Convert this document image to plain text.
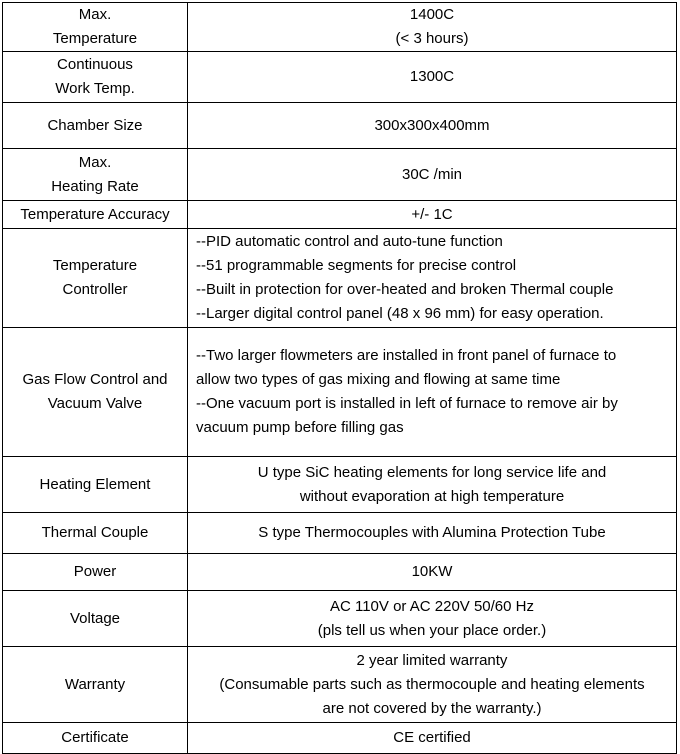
Max.
Temperature	1400C
(< 3 hours)

Continuous
Work Temp.	1300C

Chamber Size	300x300x400mm

Max.
Heating Rate	30C /min

Temperature Accuracy	+/- 1C

Temperature
Controller	--PID automatic control and auto-tune function
--51 programmable segments for precise control
--Built in protection for over-heated and broken Thermal couple
--Larger digital control panel (48 x 96 mm) for easy operation.

Gas Flow Control and
Vacuum Valve	--Two larger flowmeters are installed in front panel of furnace to
allow two types of gas mixing and flowing at same time
--One vacuum port is installed in left of furnace to remove air by
vacuum pump before filling gas

Heating Element	U type SiC heating elements for long service life and
without evaporation at high temperature

Thermal Couple	S type Thermocouples with Alumina Protection Tube

Power	10KW

Voltage	AC 110V or AC 220V 50/60 Hz
(pls tell us when your place order.)

Warranty	2 year limited warranty
(Consumable parts such as thermocouple and heating elements
are not covered by the warranty.)

Certificate	CE certified
